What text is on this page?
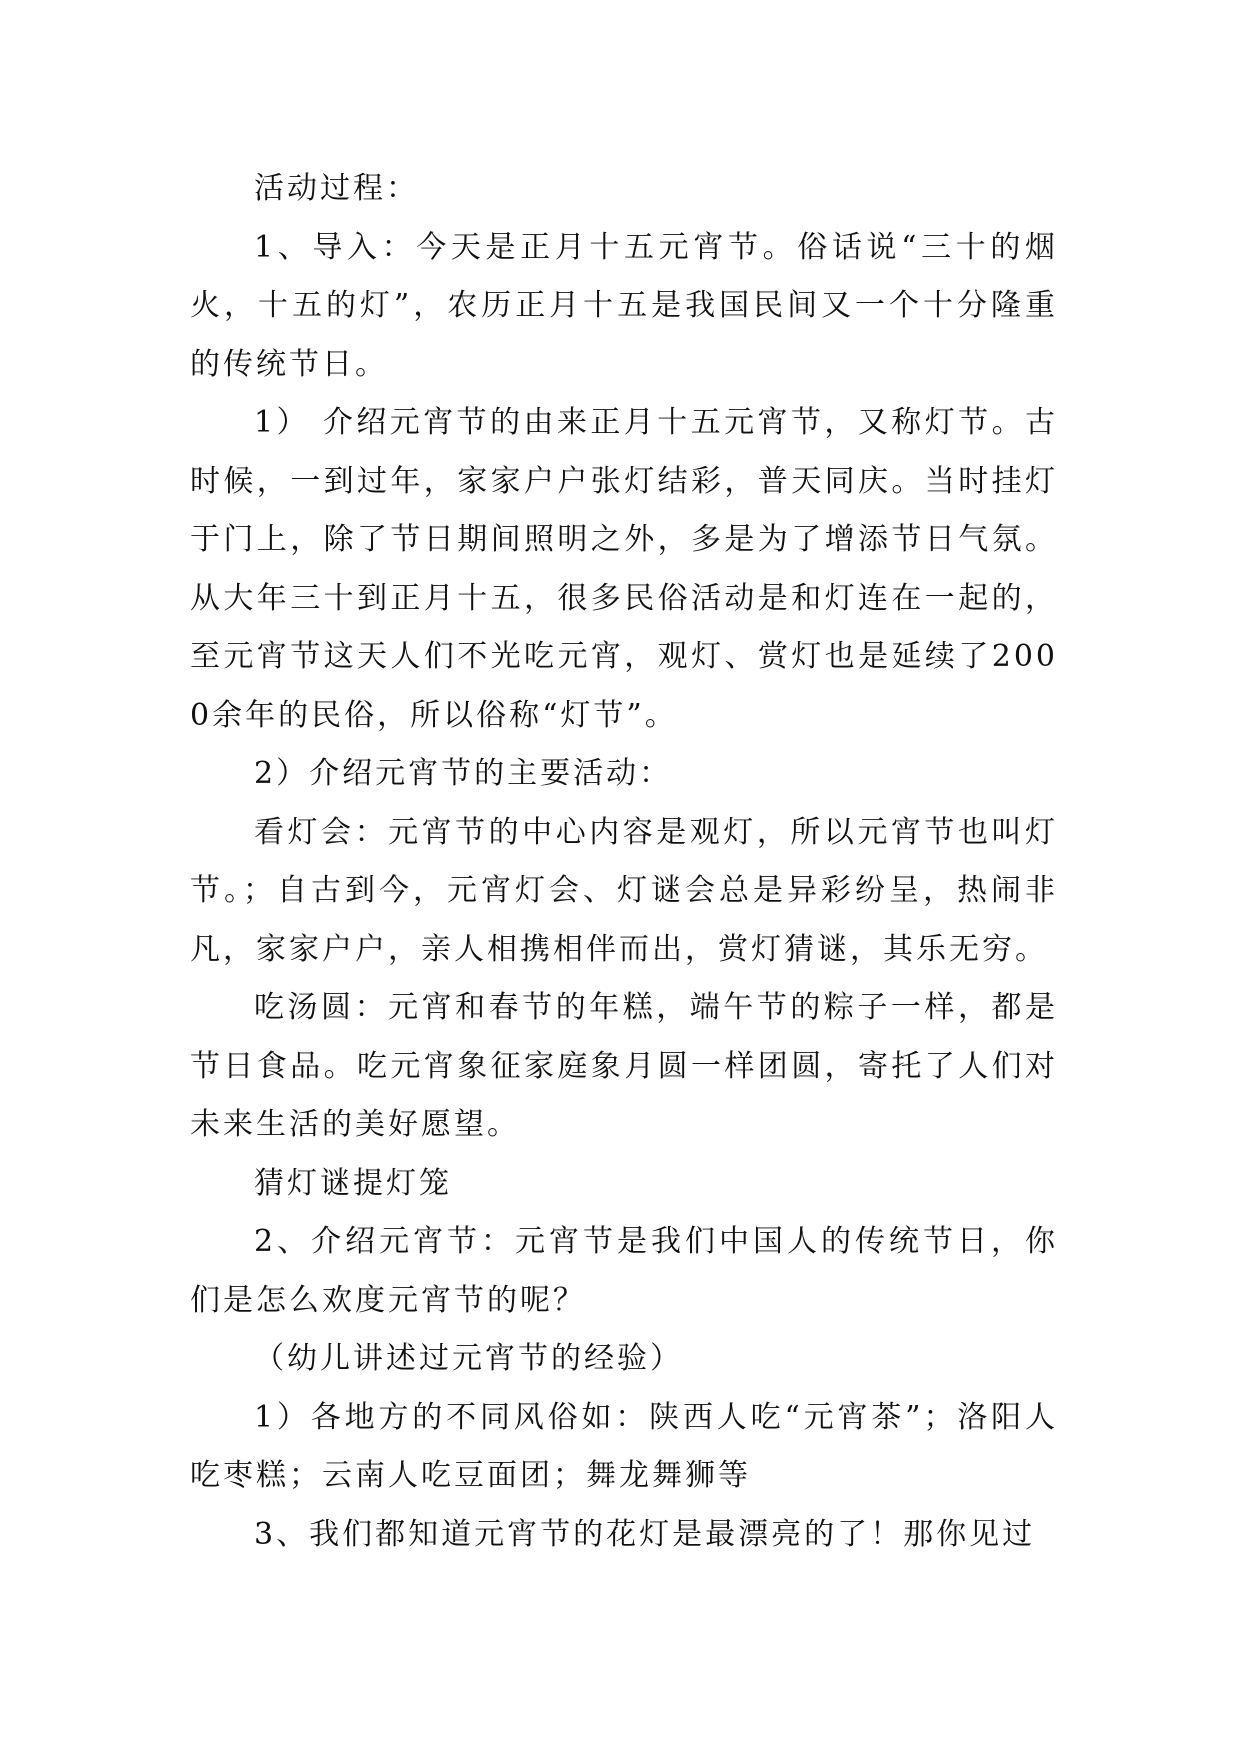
活动过程：

1、导入：今天是正月十五元宵节。俗话说“三十的烟火，十五的灯”，农历正月十五是我国民间又一个十分隆重的传统节日。

1） 介绍元宵节的由来正月十五元宵节，又称灯节。古时候，一到过年，家家户户张灯结彩，普天同庆。当时挂灯于门上，除了节日期间照明之外，多是为了增添节日气氛。从大年三十到正月十五，很多民俗活动是和灯连在一起的，至元宵节这天人们不光吃元宵，观灯、赏灯也是延续了2000余年的民俗，所以俗称“灯节”。

2）介绍元宵节的主要活动：

看灯会：元宵节的中心内容是观灯，所以元宵节也叫灯节。；自古到今，元宵灯会、灯谜会总是异彩纷呈，热闹非凡，家家户户，亲人相携相伴而出，赏灯猜谜，其乐无穷。

吃汤圆：元宵和春节的年糕，端午节的粽子一样，都是节日食品。吃元宵象征家庭象月圆一样团圆，寄托了人们对未来生活的美好愿望。

猜灯谜提灯笼

2、介绍元宵节：元宵节是我们中国人的传统节日，你们是怎么欢度元宵节的呢？

（幼儿讲述过元宵节的经验）

1）各地方的不同风俗如：陕西人吃“元宵茶”；洛阳人吃枣糕；云南人吃豆面团；舞龙舞狮等

3、我们都知道元宵节的花灯是最漂亮的了！那你见过
